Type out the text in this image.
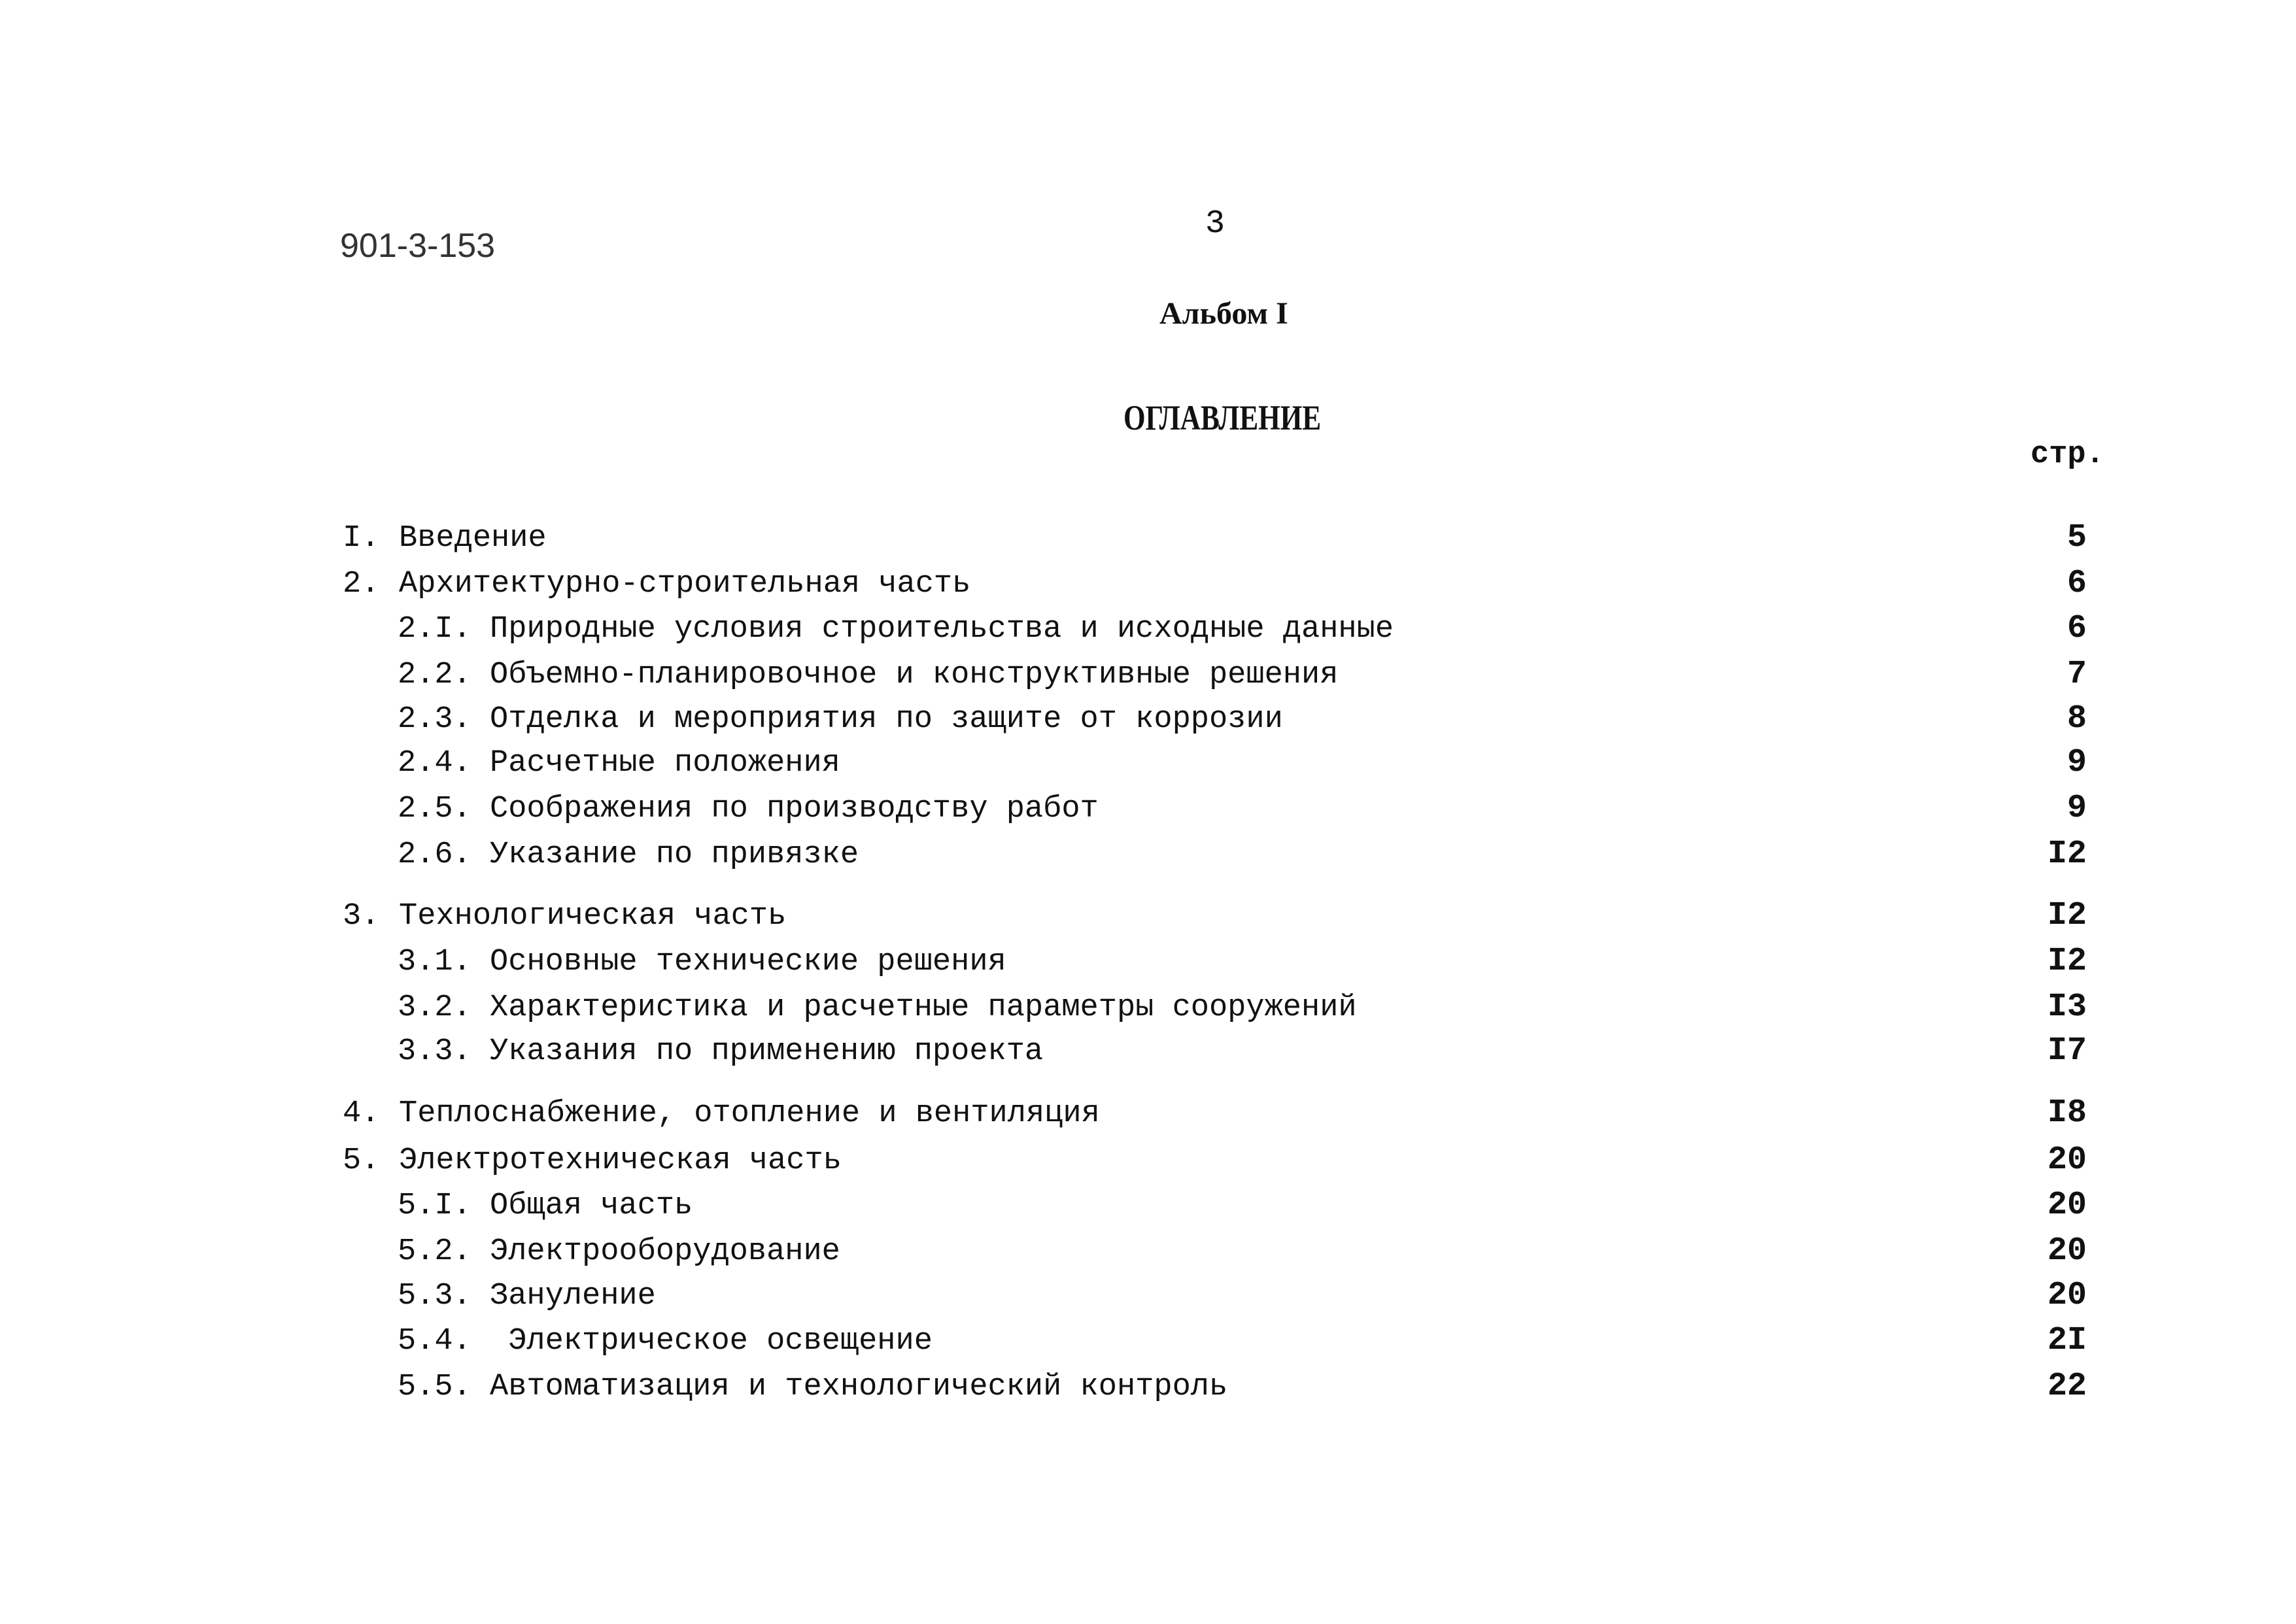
901-3-153
3
Альбом I
ОГЛАВЛЕНИЕ
стр.
I. Введение	5
2. Архитектурно-строительная часть	6
2.I. Природные условия строительства и исходные данные	6
2.2. Объемно-планировочное и конструктивные решения	7
2.3. Отделка и мероприятия по защите от коррозии	8
2.4. Расчетные положения	9
2.5. Соображения по производству работ	9
2.6. Указание по привязке	I2
3. Технологическая часть	I2
3.1. Основные технические решения	I2
3.2. Характеристика и расчетные параметры сооружений	I3
3.3. Указания по применению проекта	I7
4. Теплоснабжение, отопление и вентиляция	I8
5. Электротехническая часть	20
5.I. Общая часть	20
5.2. Электрооборудование	20
5.3. Зануление	20
5.4. Электрическое освещение	2I
5.5. Автоматизация и технологический контроль	22
